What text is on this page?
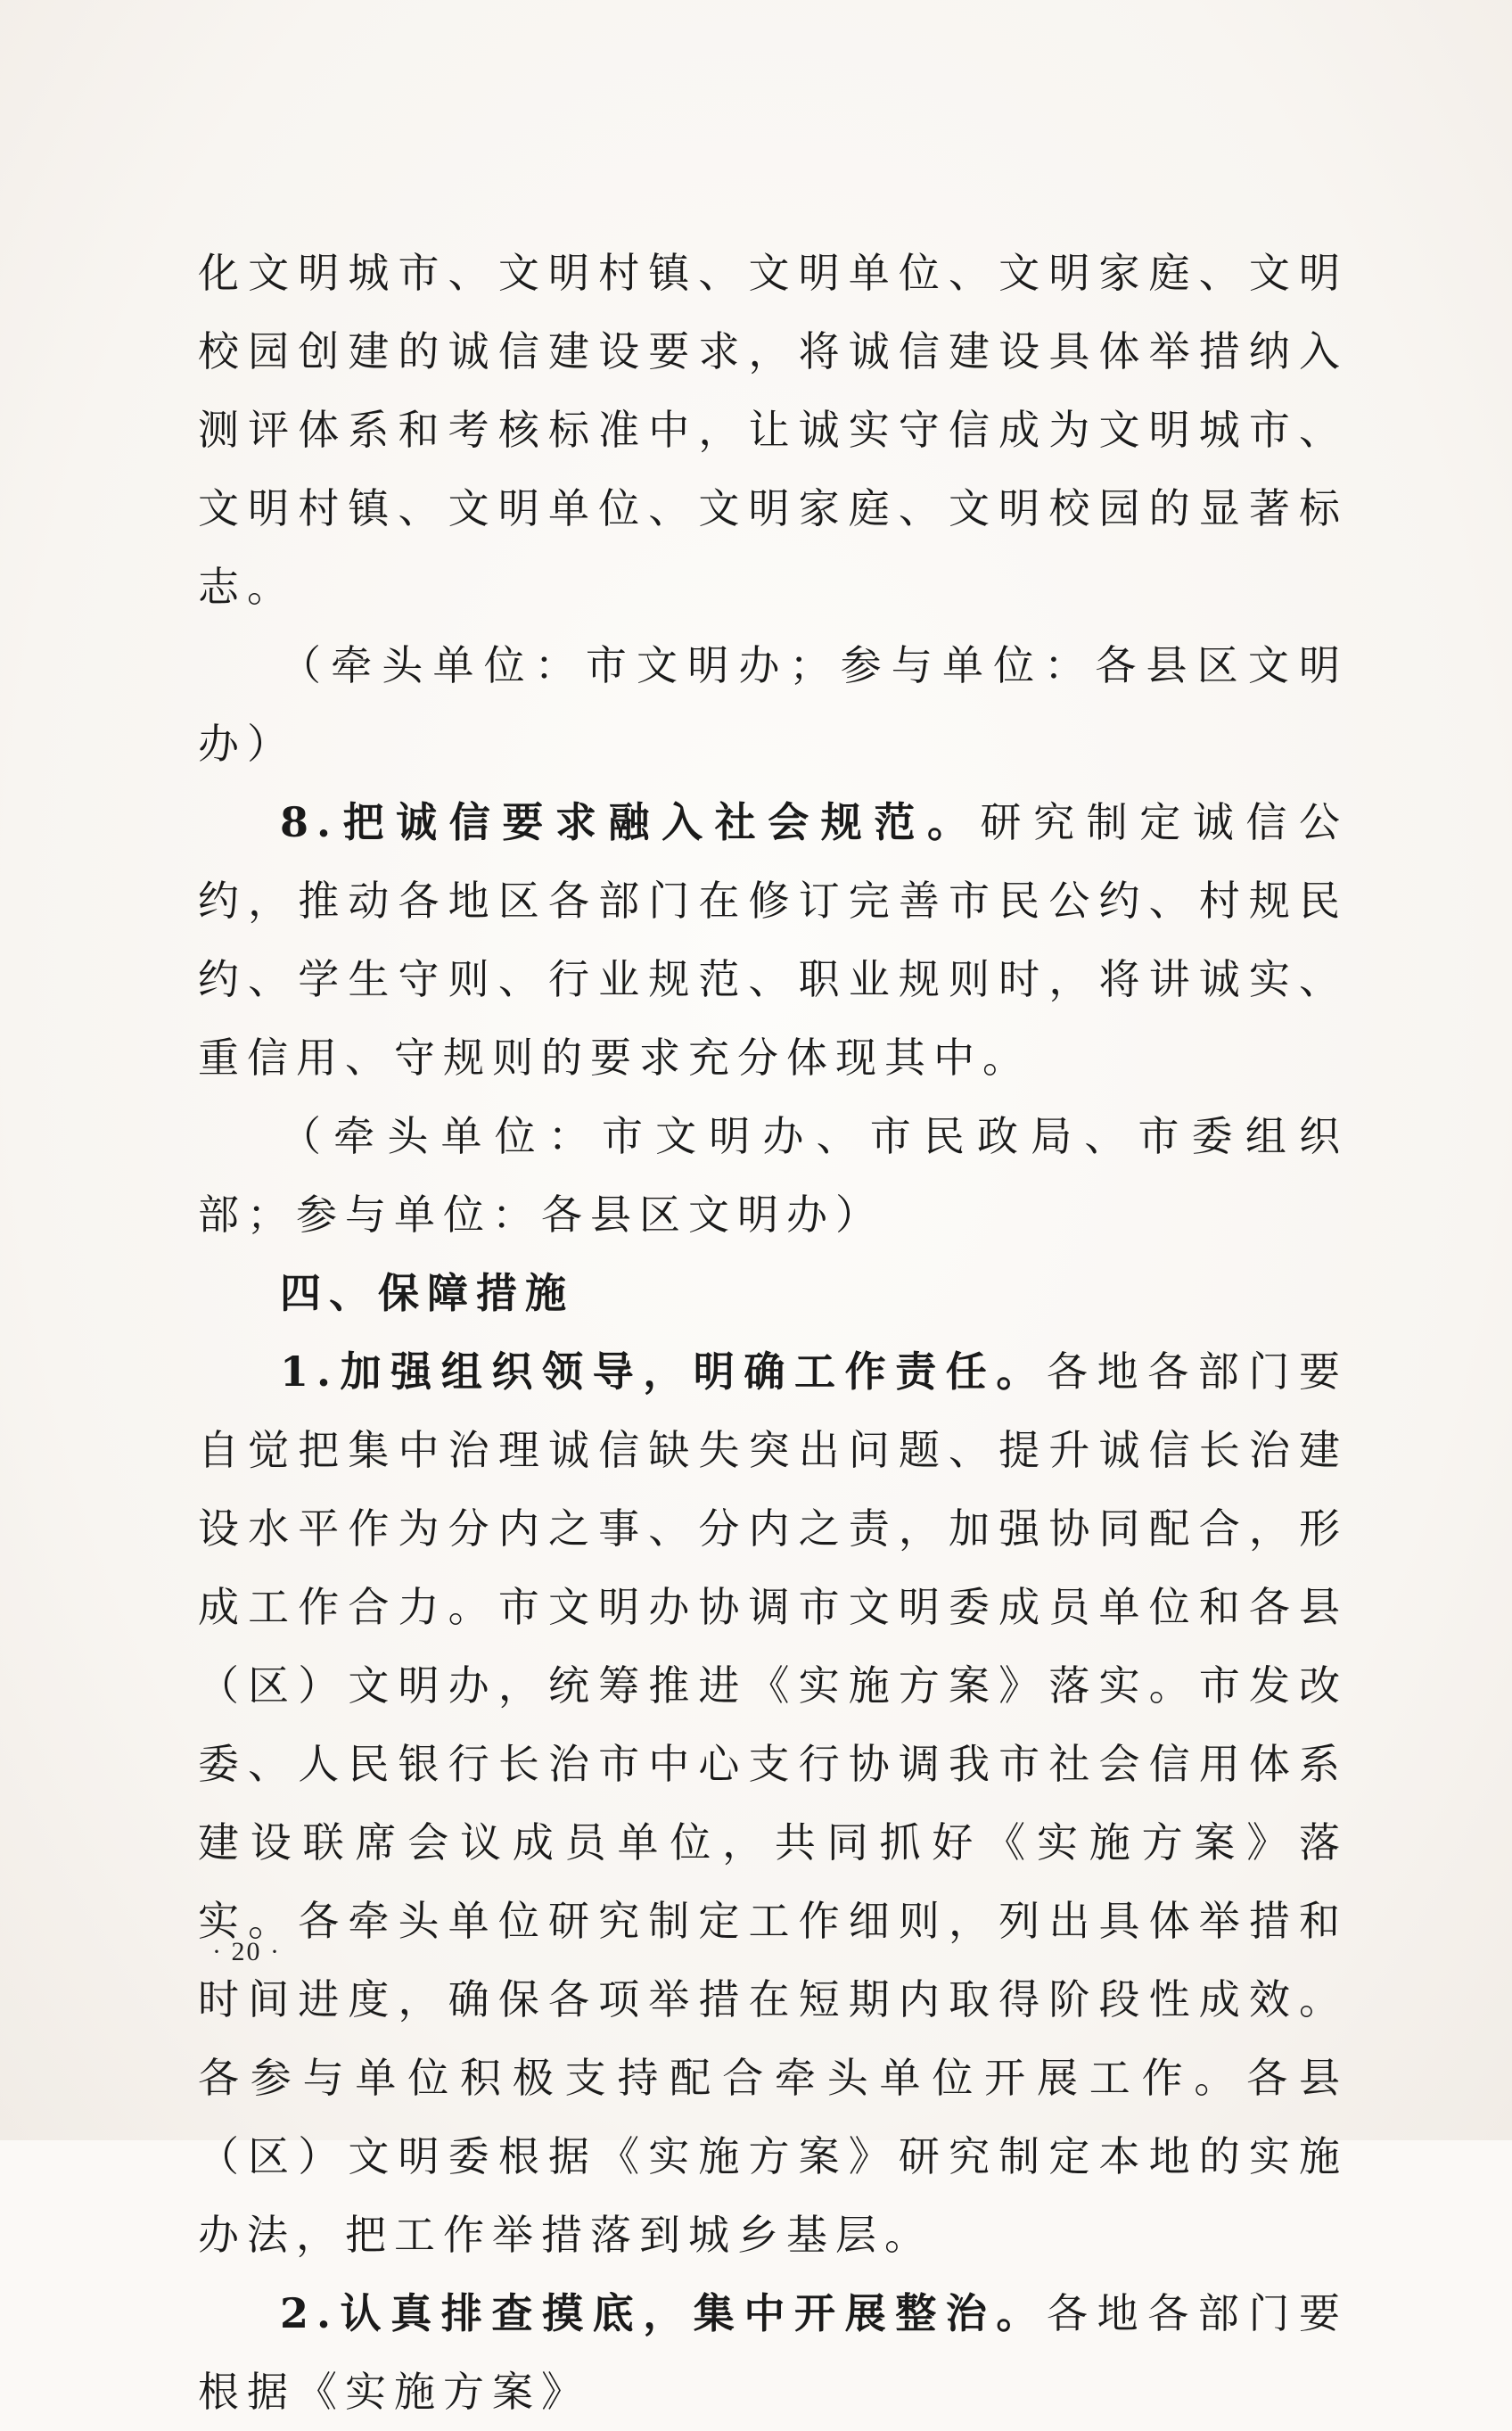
化文明城市、文明村镇、文明单位、文明家庭、文明校园创建的诚信建设要求，将诚信建设具体举措纳入测评体系和考核标准中，让诚实守信成为文明城市、文明村镇、文明单位、文明家庭、文明校园的显著标志。

（牵头单位：市文明办；参与单位：各县区文明办）

8.把诚信要求融入社会规范。研究制定诚信公约，推动各地区各部门在修订完善市民公约、村规民约、学生守则、行业规范、职业规则时，将讲诚实、重信用、守规则的要求充分体现其中。

（牵头单位：市文明办、市民政局、市委组织部；参与单位：各县区文明办）

四、保障措施

1.加强组织领导，明确工作责任。各地各部门要自觉把集中治理诚信缺失突出问题、提升诚信长治建设水平作为分内之事、分内之责，加强协同配合，形成工作合力。市文明办协调市文明委成员单位和各县（区）文明办，统筹推进《实施方案》落实。市发改委、人民银行长治市中心支行协调我市社会信用体系建设联席会议成员单位，共同抓好《实施方案》落实。各牵头单位研究制定工作细则，列出具体举措和时间进度，确保各项举措在短期内取得阶段性成效。各参与单位积极支持配合牵头单位开展工作。各县（区）文明委根据《实施方案》研究制定本地的实施办法，把工作举措落到城乡基层。

2.认真排查摸底，集中开展整治。各地各部门要根据《实施方案》

· 20 ·
